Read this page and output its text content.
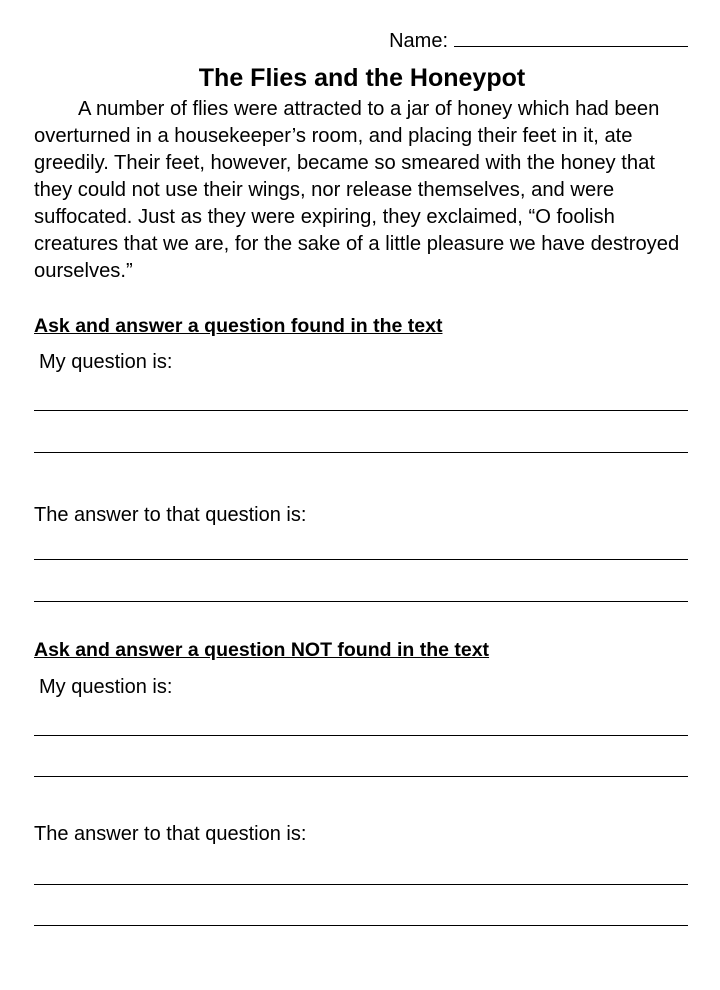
Name:
The Flies and the Honeypot

A number of flies were attracted to a jar of honey which had been overturned in a housekeeper’s room, and placing their feet in it, ate greedily. Their feet, however, became so smeared with the honey that they could not use their wings, nor release themselves, and were suffocated. Just as they were expiring, they exclaimed, “O foolish creatures that we are, for the sake of a little pleasure we have destroyed ourselves.”

Ask and answer a question found in the text
My question is:
The answer to that question is:
Ask and answer a question NOT found in the text
My question is:
The answer to that question is:
